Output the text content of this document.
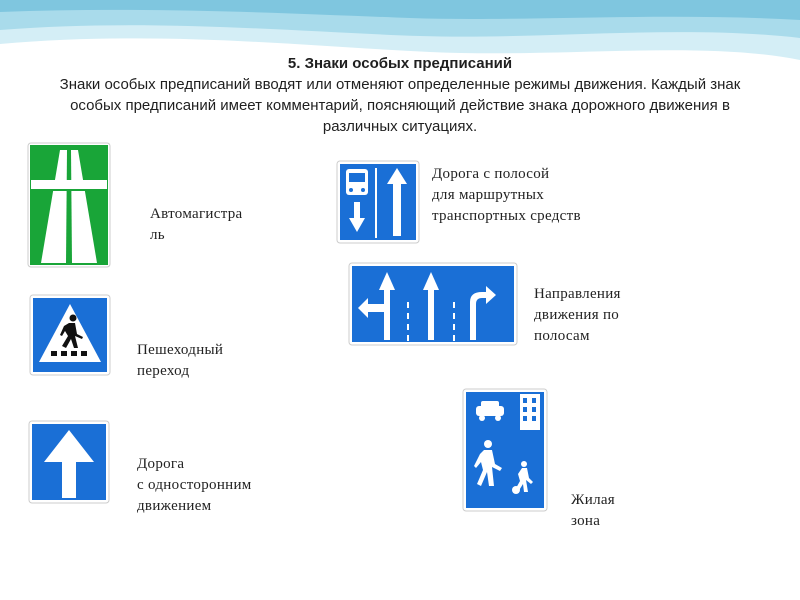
5. Знаки особых предписаний
Знаки особых предписаний вводят или отменяют определенные режимы движения. Каждый знак особых предписаний имеет комментарий, поясняющий действие знака дорожного движения в различных ситуациях.
Автомагистра
ль
Пешеходный
переход
Дорога
с односторонним
движением
Дорога с полосой
для маршрутных
транспортных средств
Направления
движения по
полосам
Жилая
зона
